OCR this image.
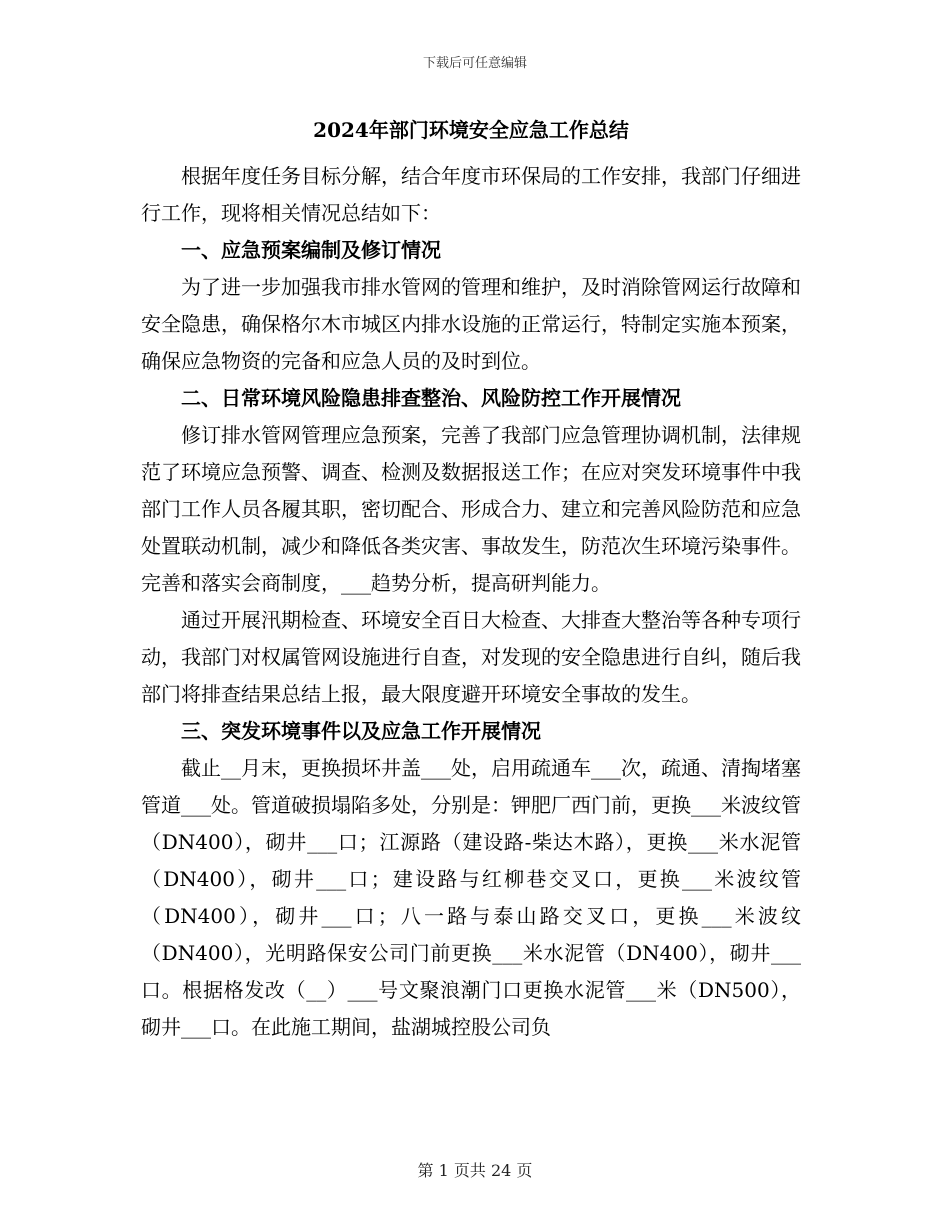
下载后可任意编辑
2024年部门环境安全应急工作总结

根据年度任务目标分解，结合年度市环保局的工作安排，我部门仔细进行工作，现将相关情况总结如下：

一、应急预案编制及修订情况

为了进一步加强我市排水管网的管理和维护，及时消除管网运行故障和安全隐患，确保格尔木市城区内排水设施的正常运行，特制定实施本预案，确保应急物资的完备和应急人员的及时到位。

二、日常环境风险隐患排查整治、风险防控工作开展情况

修订排水管网管理应急预案，完善了我部门应急管理协调机制，法律规范了环境应急预警、调查、检测及数据报送工作；在应对突发环境事件中我部门工作人员各履其职，密切配合、形成合力、建立和完善风险防范和应急处置联动机制，减少和降低各类灾害、事故发生，防范次生环境污染事件。完善和落实会商制度，___趋势分析，提高研判能力。

通过开展汛期检查、环境安全百日大检查、大排查大整治等各种专项行动，我部门对权属管网设施进行自查，对发现的安全隐患进行自纠，随后我部门将排查结果总结上报，最大限度避开环境安全事故的发生。

三、突发环境事件以及应急工作开展情况

截止__月末，更换损坏井盖___处，启用疏通车___次，疏通、清掏堵塞管道___处。管道破损塌陷多处，分别是：钾肥厂西门前，更换___米波纹管（DN400），砌井___口；江源路（建设路-柴达木路），更换___米水泥管（DN400），砌井___口；建设路与红柳巷交叉口，更换___米波纹管（DN400），砌井___口；八一路与泰山路交叉口，更换___米波纹（DN400），光明路保安公司门前更换___米水泥管（DN400），砌井___口。根据格发改（__）___号文聚浪潮门口更换水泥管___米（DN500），砌井___口。在此施工期间，盐湖城控股公司负

第 1 页共 24 页
